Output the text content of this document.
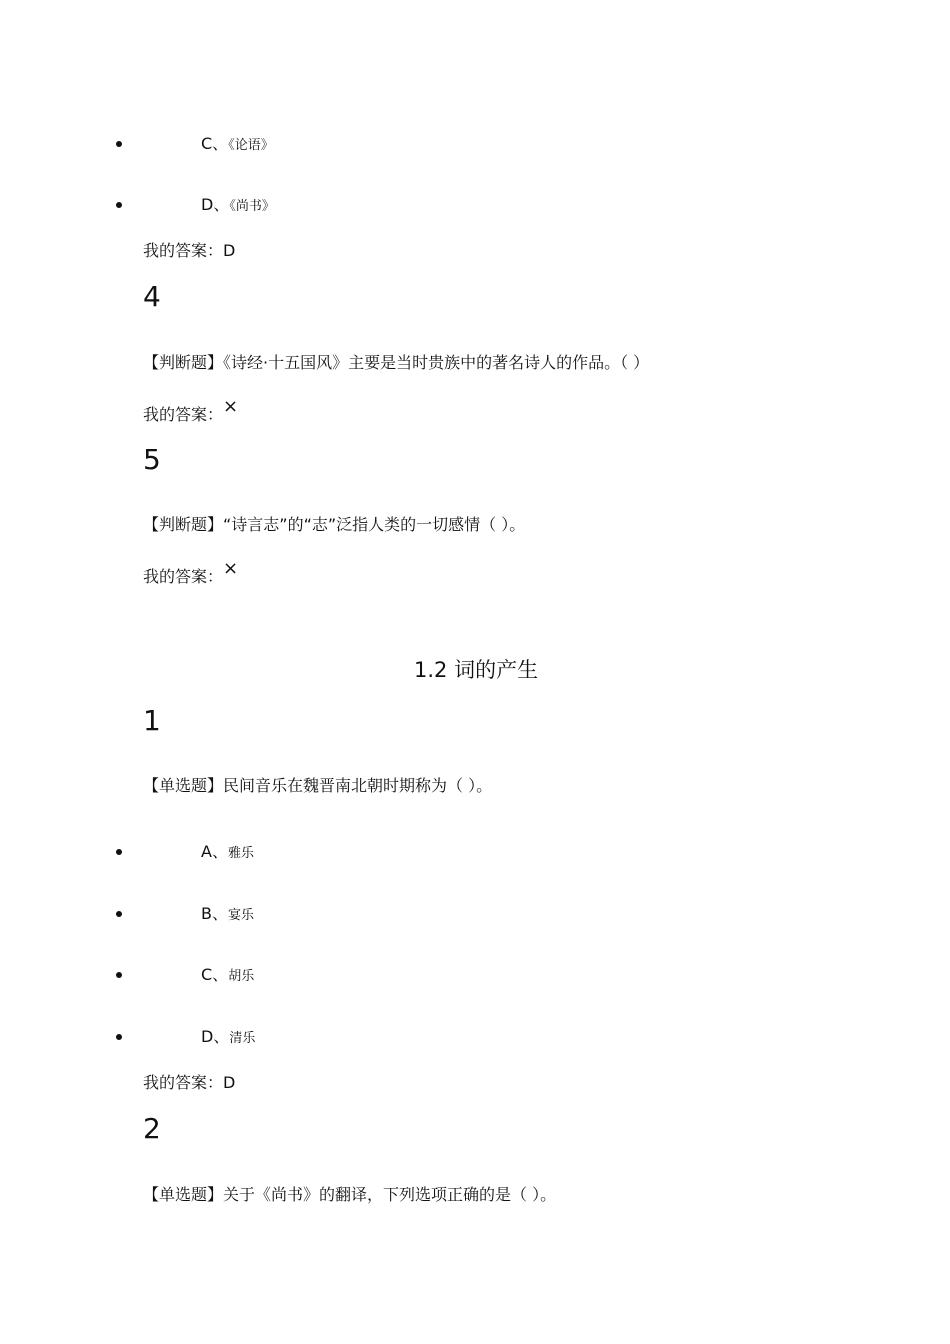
C、《论语》
D、《尚书》
我的答案：D
4
【判断题】《诗经·十五国风》主要是当时贵族中的著名诗人的作品。（ ）
我的答案：×
5
【判断题】“诗言志”的“志”泛指人类的一切感情（ ）。
我的答案：×
1.2 词的产生
1
【单选题】民间音乐在魏晋南北朝时期称为（ ）。
A、雅乐
B、宴乐
C、胡乐
D、清乐
我的答案：D
2
【单选题】关于《尚书》的翻译，下列选项正确的是（ ）。
